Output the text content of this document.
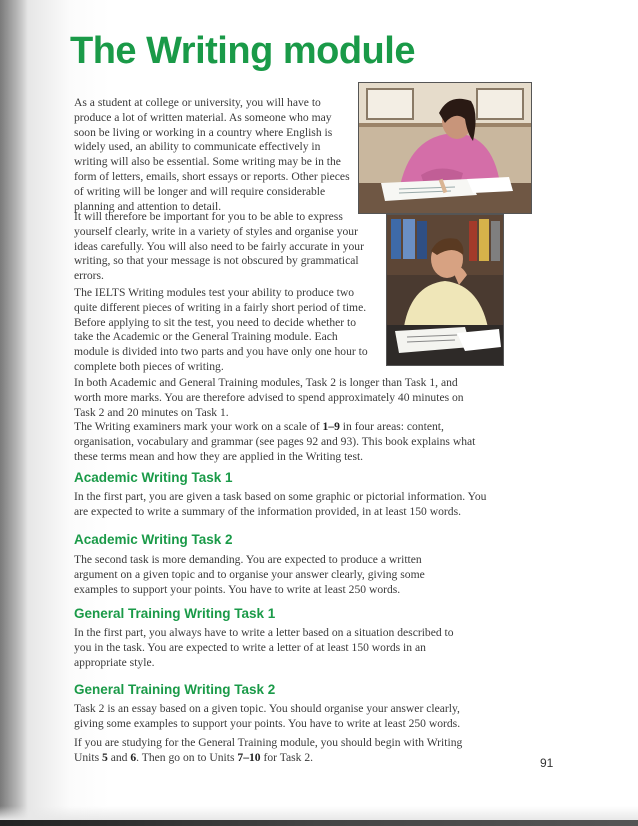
The Writing module

As a student at college or university, you will have to produce a lot of written material. As someone who may soon be living or working in a country where English is widely used, an ability to communicate effectively in writing will also be essential. Some writing may be in the form of letters, emails, short essays or reports. Other pieces of writing will be longer and will require considerable planning and attention to detail.

It will therefore be important for you to be able to express yourself clearly, write in a variety of styles and organise your ideas carefully. You will also need to be fairly accurate in your writing, so that your message is not obscured by grammatical errors.

The IELTS Writing modules test your ability to produce two quite different pieces of writing in a fairly short period of time. Before applying to sit the test, you need to decide whether to take the Academic or the General Training module. Each module is divided into two parts and you have only one hour to complete both pieces of writing.

In both Academic and General Training modules, Task 2 is longer than Task 1, and worth more marks. You are therefore advised to spend approximately 40 minutes on Task 2 and 20 minutes on Task 1.

The Writing examiners mark your work on a scale of 1–9 in four areas: content, organisation, vocabulary and grammar (see pages 92 and 93). This book explains what these terms mean and how they are applied in the Writing test.

Academic Writing Task 1

In the first part, you are given a task based on some graphic or pictorial information. You are expected to write a summary of the information provided, in at least 150 words.

Academic Writing Task 2

The second task is more demanding. You are expected to produce a written argument on a given topic and to organise your answer clearly, giving some examples to support your points. You have to write at least 250 words.

General Training Writing Task 1

In the first part, you always have to write a letter based on a situation described to you in the task. You are expected to write a letter of at least 150 words in an appropriate style.

General Training Writing Task 2

Task 2 is an essay based on a given topic. You should organise your answer clearly, giving some examples to support your points. You have to write at least 250 words.

If you are studying for the General Training module, you should begin with Writing Units 5 and 6. Then go on to Units 7–10 for Task 2.	91
